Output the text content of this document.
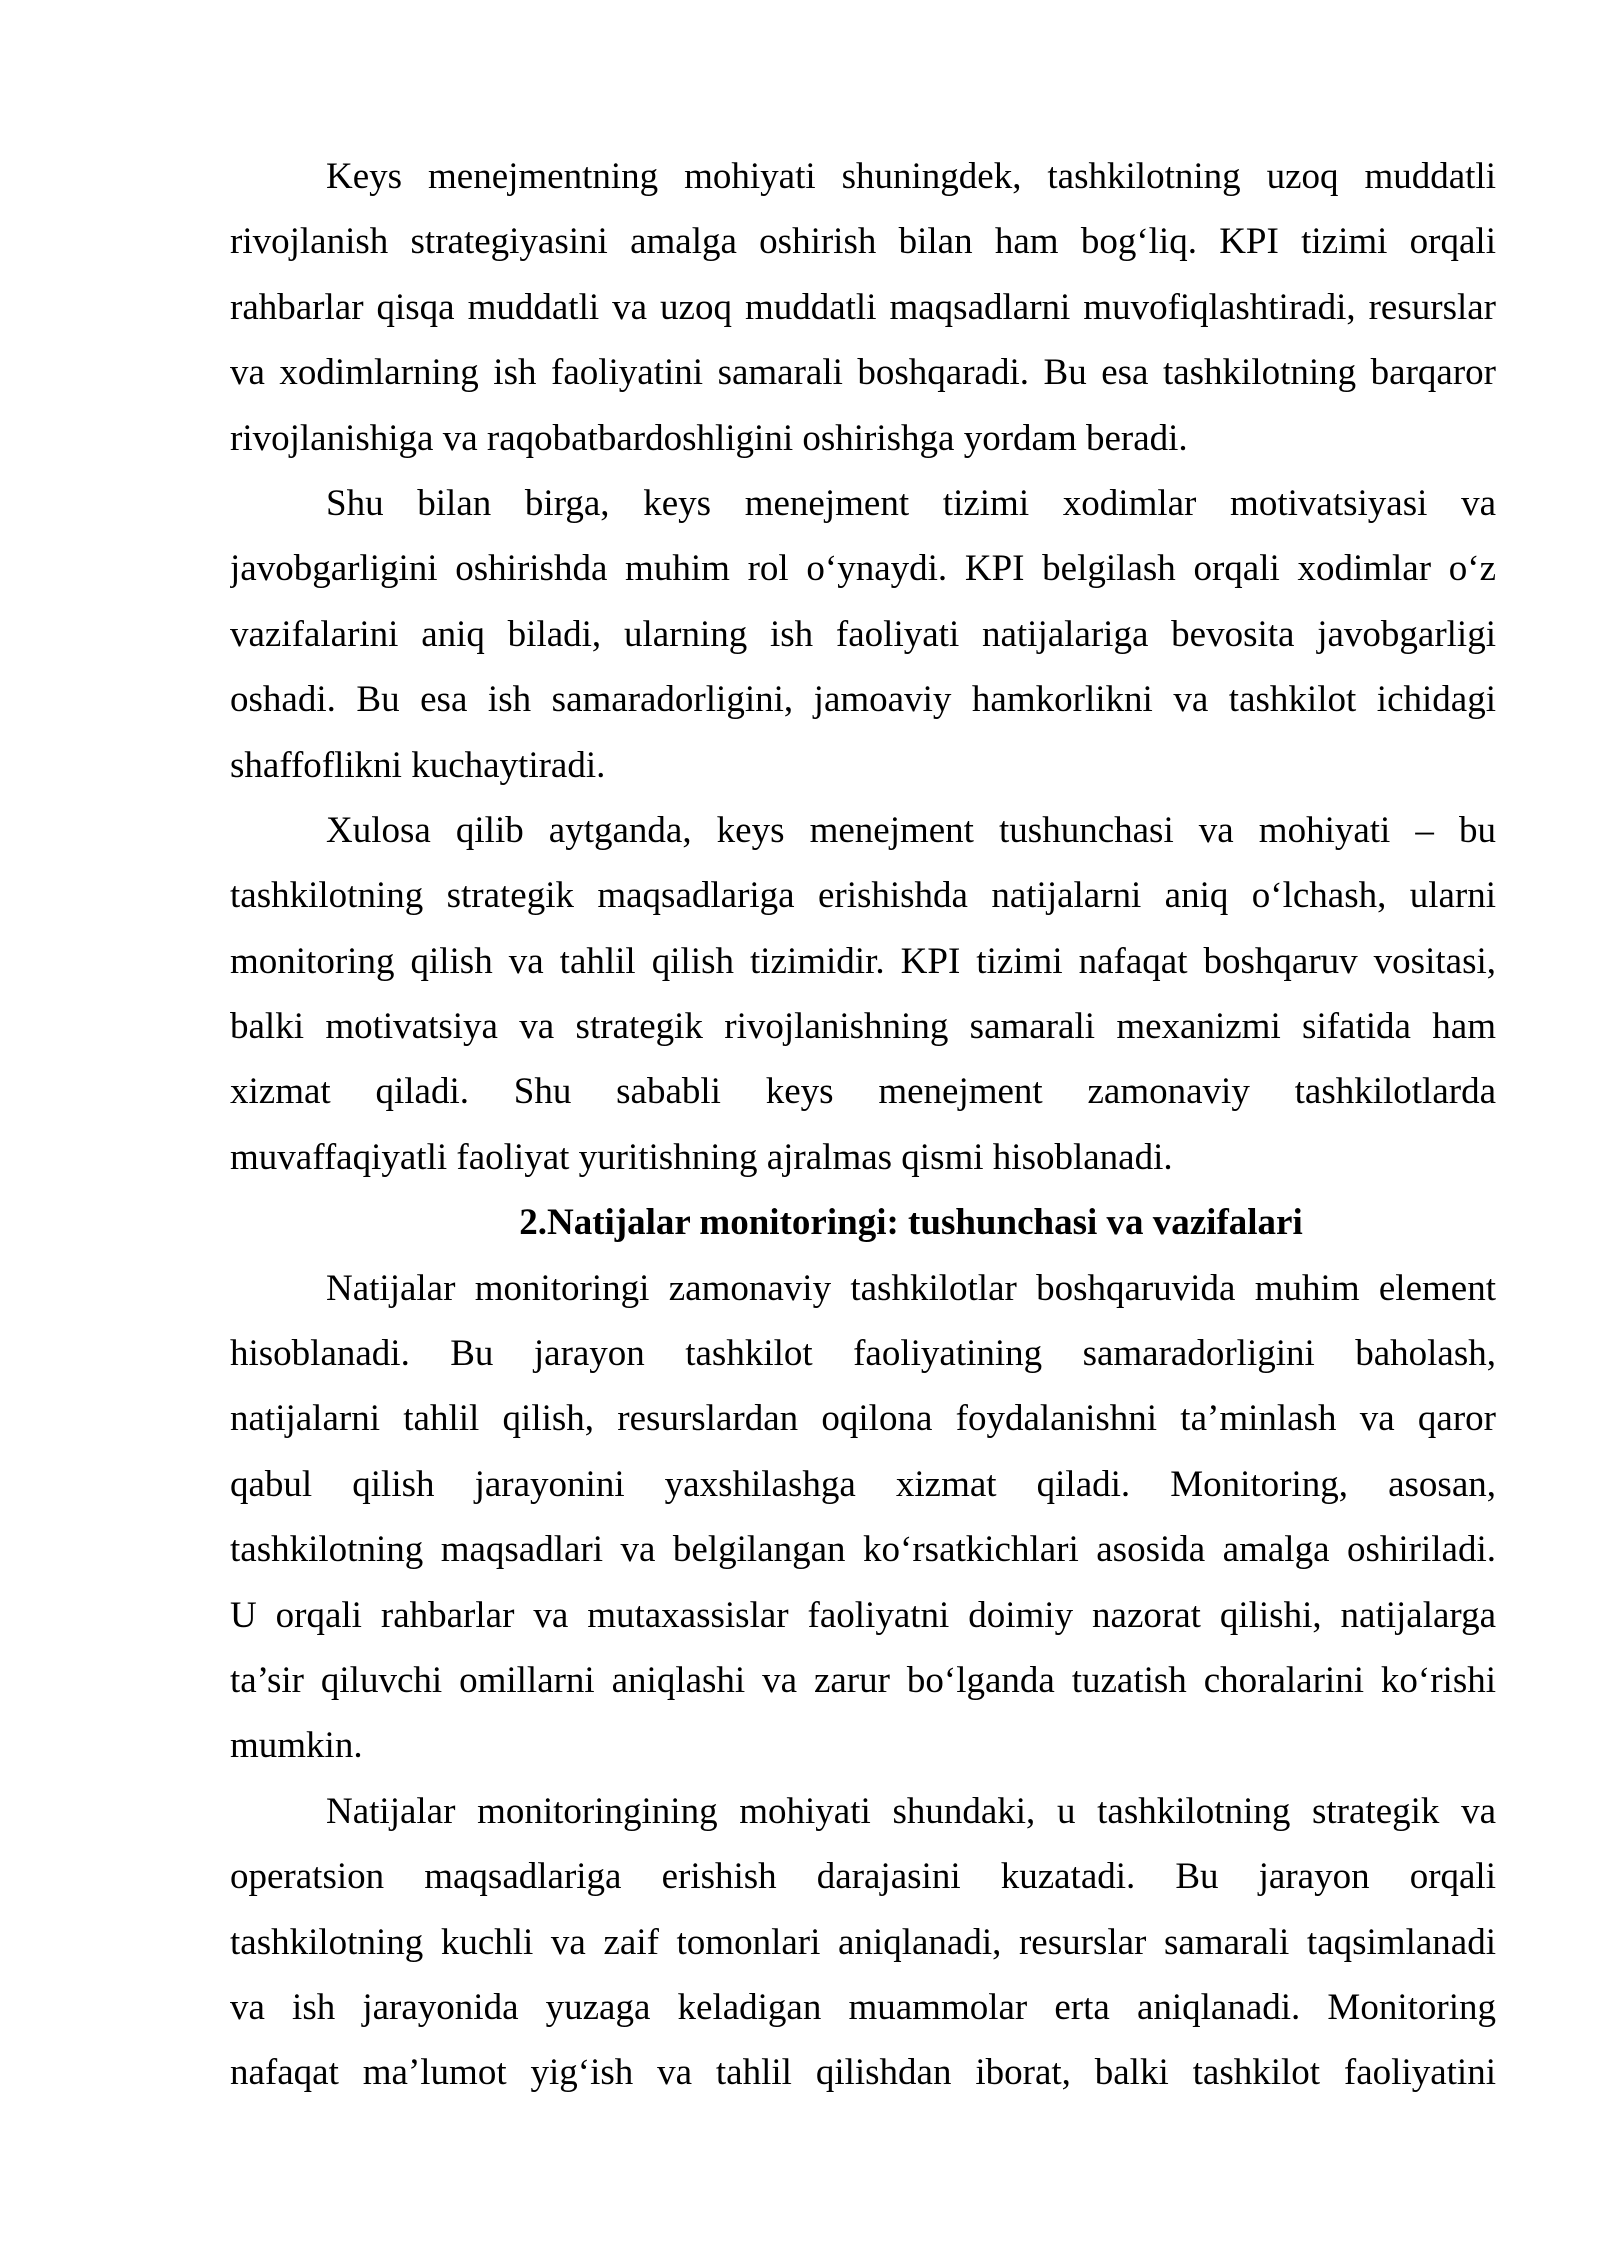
Keys menejmentning mohiyati shuningdek, tashkilotning uzoq muddatli
rivojlanish strategiyasini amalga oshirish bilan ham bog‘liq. KPI tizimi orqali
rahbarlar qisqa muddatli va uzoq muddatli maqsadlarni muvofiqlashtiradi, resurslar
va xodimlarning ish faoliyatini samarali boshqaradi. Bu esa tashkilotning barqaror
rivojlanishiga va raqobatbardoshligini oshirishga yordam beradi.
Shu bilan birga, keys menejment tizimi xodimlar motivatsiyasi va
javobgarligini oshirishda muhim rol o‘ynaydi. KPI belgilash orqali xodimlar o‘z
vazifalarini aniq biladi, ularning ish faoliyati natijalariga bevosita javobgarligi
oshadi. Bu esa ish samaradorligini, jamoaviy hamkorlikni va tashkilot ichidagi
shaffoflikni kuchaytiradi.
Xulosa qilib aytganda, keys menejment tushunchasi va mohiyati – bu
tashkilotning strategik maqsadlariga erishishda natijalarni aniq o‘lchash, ularni
monitoring qilish va tahlil qilish tizimidir. KPI tizimi nafaqat boshqaruv vositasi,
balki motivatsiya va strategik rivojlanishning samarali mexanizmi sifatida ham
xizmat qiladi. Shu sababli keys menejment zamonaviy tashkilotlarda
muvaffaqiyatli faoliyat yuritishning ajralmas qismi hisoblanadi.
2.Natijalar monitoringi: tushunchasi va vazifalari
Natijalar monitoringi zamonaviy tashkilotlar boshqaruvida muhim element
hisoblanadi. Bu jarayon tashkilot faoliyatining samaradorligini baholash,
natijalarni tahlil qilish, resurslardan oqilona foydalanishni ta’minlash va qaror
qabul qilish jarayonini yaxshilashga xizmat qiladi. Monitoring, asosan,
tashkilotning maqsadlari va belgilangan ko‘rsatkichlari asosida amalga oshiriladi.
U orqali rahbarlar va mutaxassislar faoliyatni doimiy nazorat qilishi, natijalarga
ta’sir qiluvchi omillarni aniqlashi va zarur bo‘lganda tuzatish choralarini ko‘rishi
mumkin.
Natijalar monitoringining mohiyati shundaki, u tashkilotning strategik va
operatsion maqsadlariga erishish darajasini kuzatadi. Bu jarayon orqali
tashkilotning kuchli va zaif tomonlari aniqlanadi, resurslar samarali taqsimlanadi
va ish jarayonida yuzaga keladigan muammolar erta aniqlanadi. Monitoring
nafaqat ma’lumot yig‘ish va tahlil qilishdan iborat, balki tashkilot faoliyatini
